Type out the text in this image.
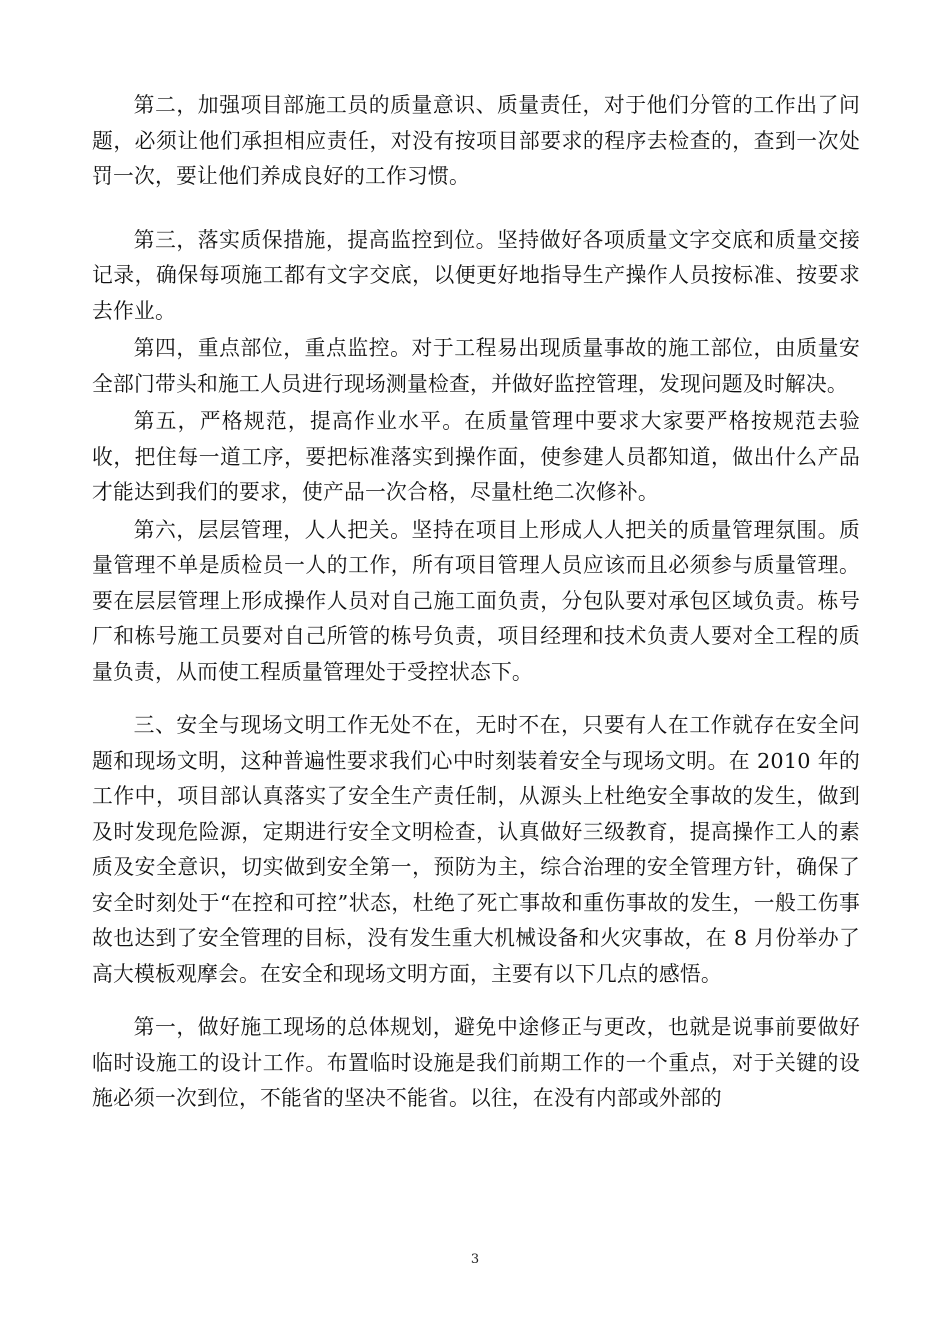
第二，加强项目部施工员的质量意识、质量责任，对于他们分管的工作出了问题，必须让他们承担相应责任，对没有按项目部要求的程序去检查的，查到一次处罚一次，要让他们养成良好的工作习惯。

第三，落实质保措施，提高监控到位。坚持做好各项质量文字交底和质量交接记录，确保每项施工都有文字交底，以便更好地指导生产操作人员按标准、按要求去作业。

第四，重点部位，重点监控。对于工程易出现质量事故的施工部位，由质量安全部门带头和施工人员进行现场测量检查，并做好监控管理，发现问题及时解决。

第五，严格规范，提高作业水平。在质量管理中要求大家要严格按规范去验收，把住每一道工序，要把标准落实到操作面，使参建人员都知道，做出什么产品才能达到我们的要求，使产品一次合格，尽量杜绝二次修补。

第六，层层管理，人人把关。坚持在项目上形成人人把关的质量管理氛围。质量管理不单是质检员一人的工作，所有项目管理人员应该而且必须参与质量管理。要在层层管理上形成操作人员对自己施工面负责，分包队要对承包区域负责。栋号厂和栋号施工员要对自己所管的栋号负责，项目经理和技术负责人要对全工程的质量负责，从而使工程质量管理处于受控状态下。

三、安全与现场文明工作无处不在，无时不在，只要有人在工作就存在安全问题和现场文明，这种普遍性要求我们心中时刻装着安全与现场文明。在 2010 年的工作中，项目部认真落实了安全生产责任制，从源头上杜绝安全事故的发生，做到及时发现危险源，定期进行安全文明检查，认真做好三级教育，提高操作工人的素质及安全意识，切实做到安全第一，预防为主，综合治理的安全管理方针，确保了安全时刻处于“在控和可控”状态，杜绝了死亡事故和重伤事故的发生，一般工伤事故也达到了安全管理的目标，没有发生重大机械设备和火灾事故，在 8 月份举办了高大模板观摩会。在安全和现场文明方面，主要有以下几点的感悟。

第一，做好施工现场的总体规划，避免中途修正与更改，也就是说事前要做好临时设施工的设计工作。布置临时设施是我们前期工作的一个重点，对于关键的设施必须一次到位，不能省的坚决不能省。以往，在没有内部或外部的

3
